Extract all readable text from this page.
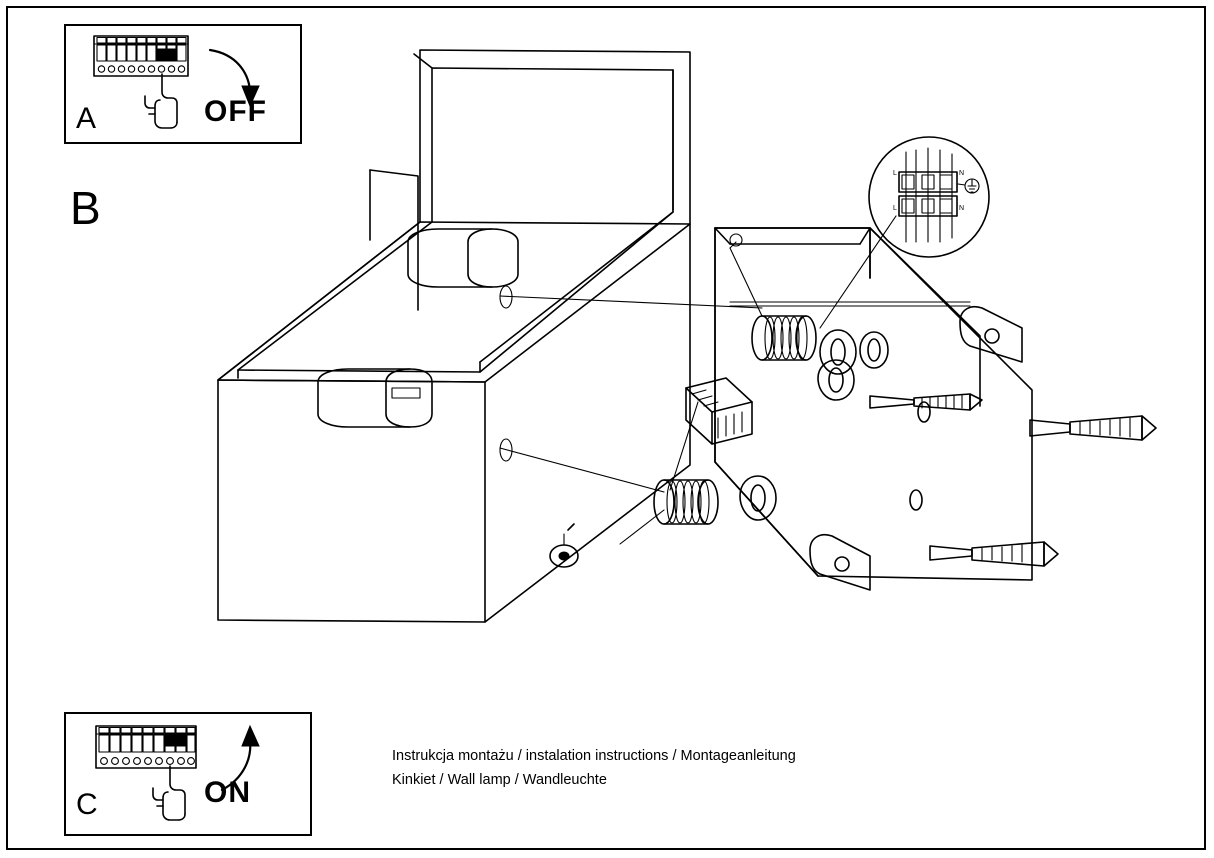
A	OFF
B
L
L
N
N
C	ON
Instrukcja montażu / instalation instructions / Montageanleitung
Kinkiet / Wall lamp / Wandleuchte
